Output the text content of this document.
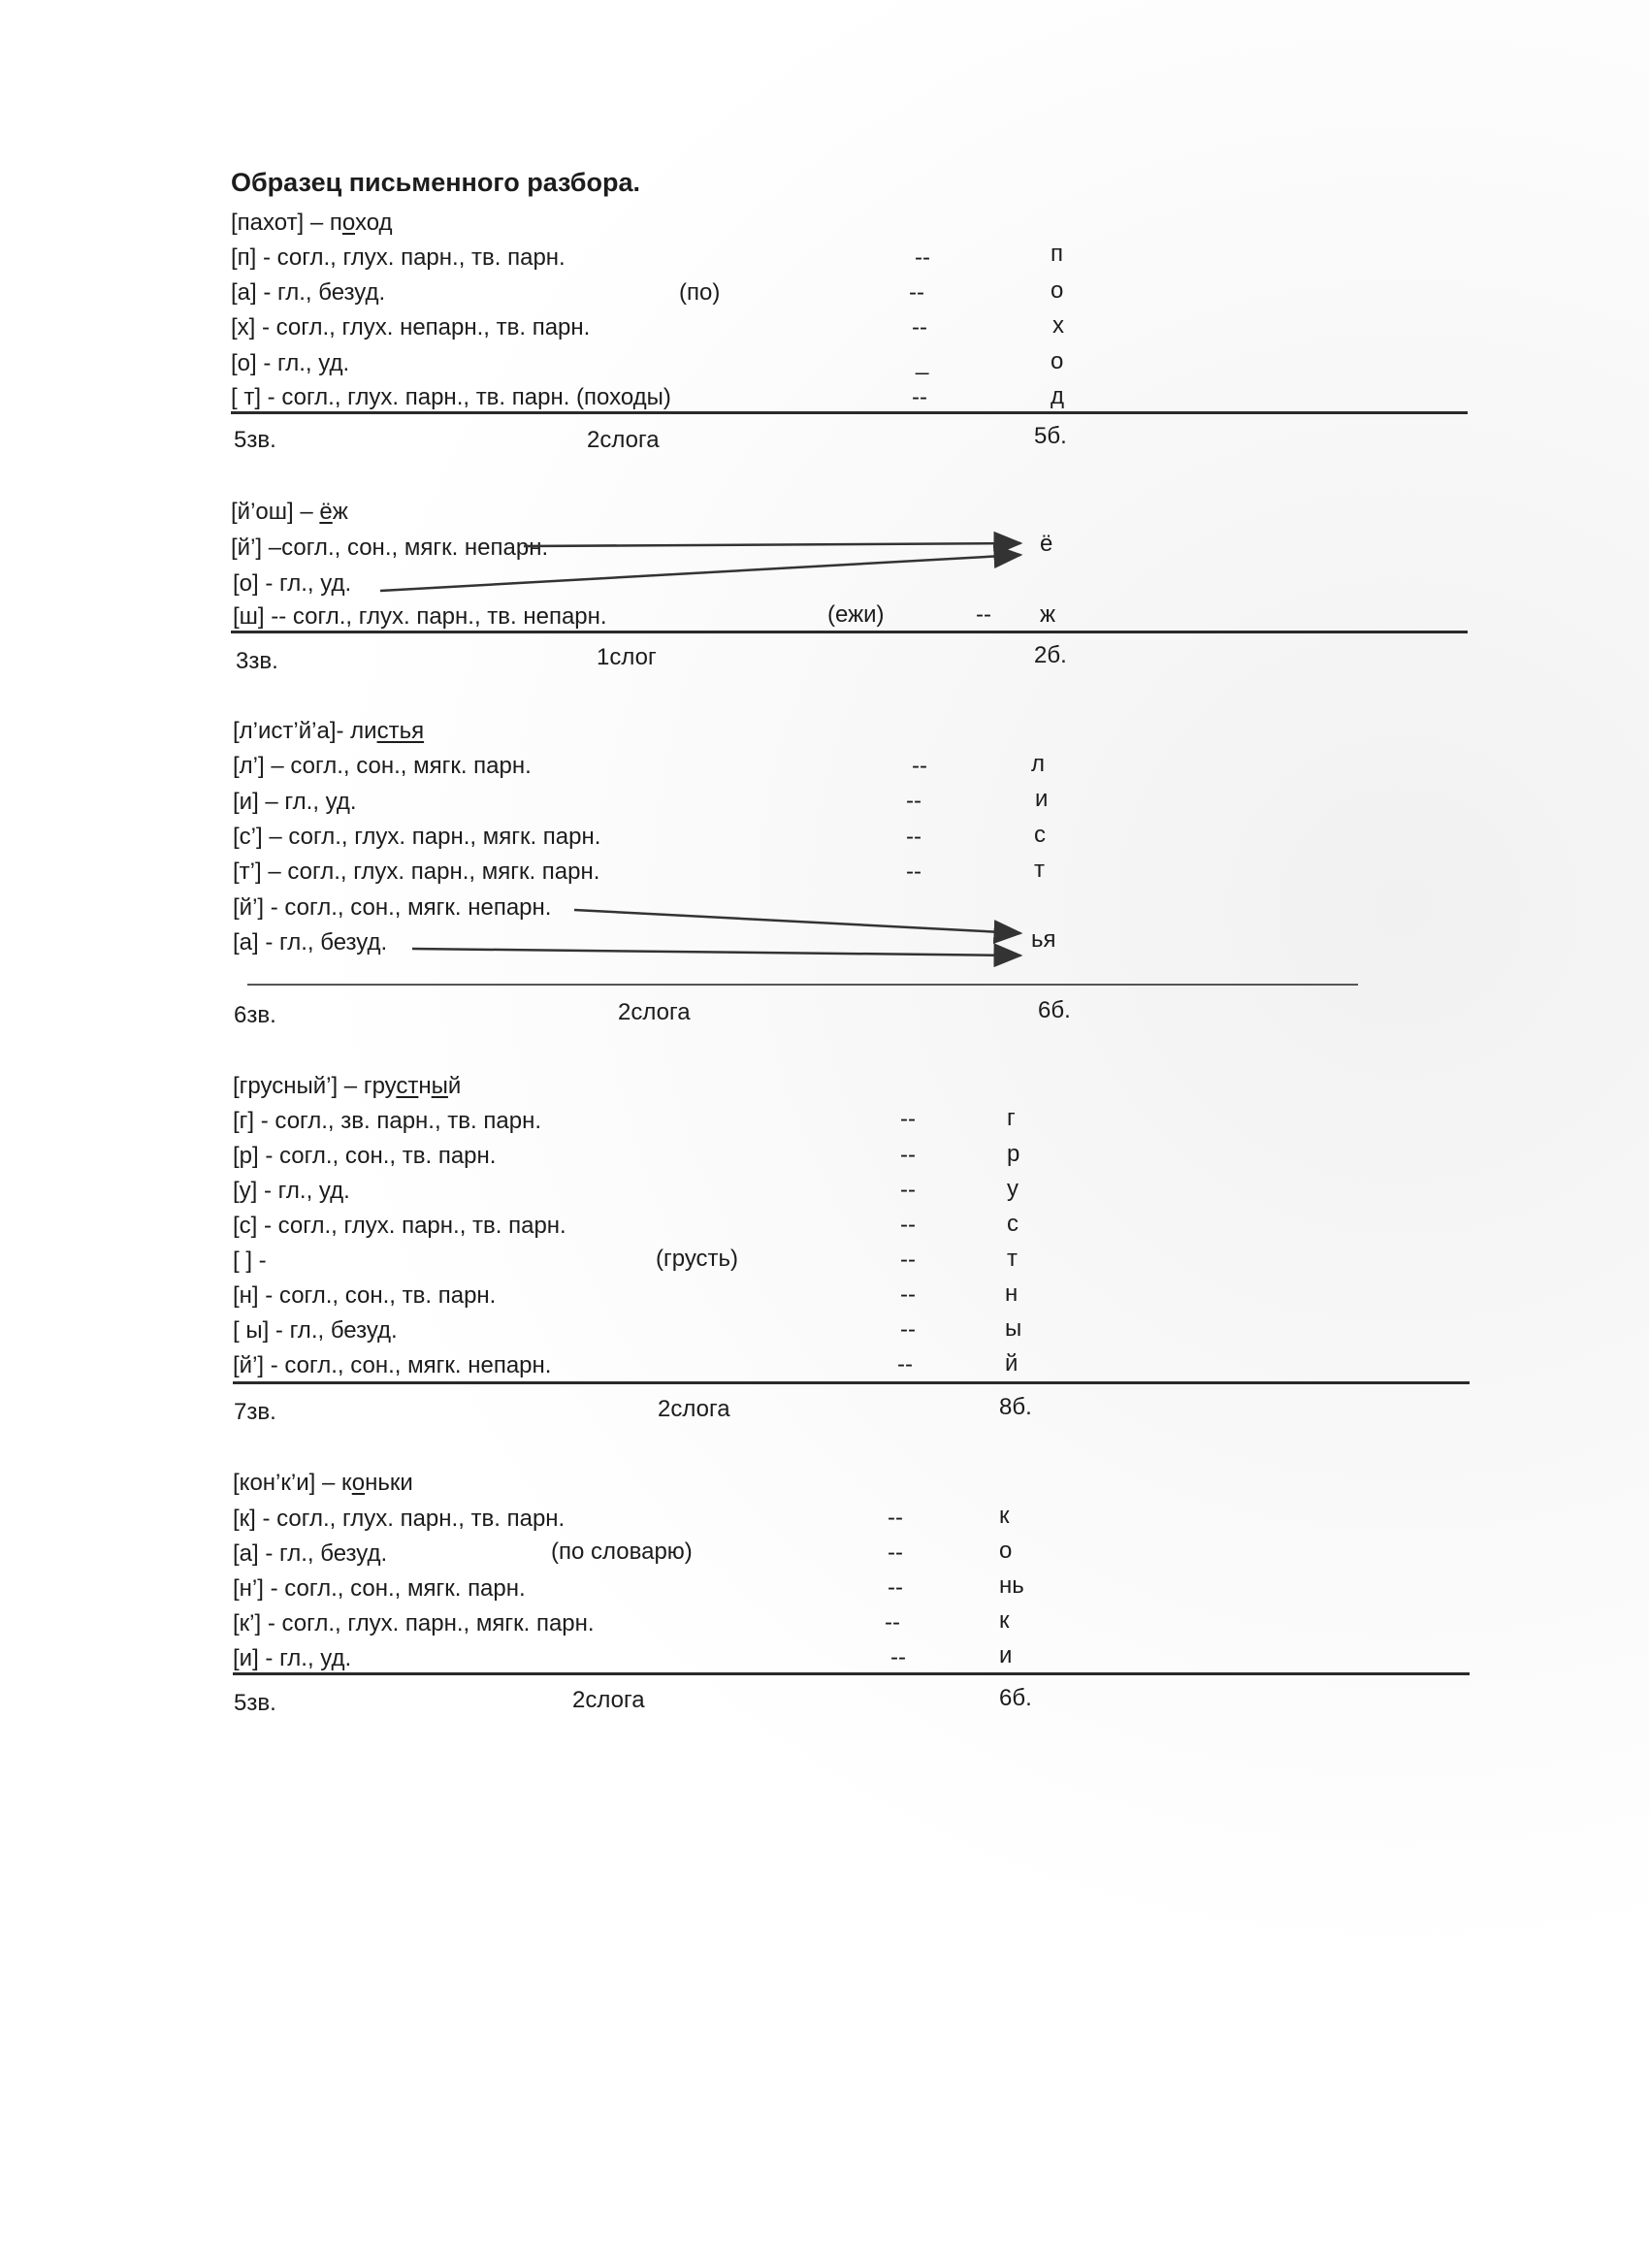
Образец письменного разбора.
[пахот] – поход
[п] - согл., глух. парн., тв. парн.	--	п
[а] - гл., безуд.	(по)	--	о
[х] - согл., глух. непарн., тв. парн.	--	х
[о] - гл., уд.	_	о
[ т] - согл., глух. парн., тв. парн. (походы)	--	д
5зв.	2слога	5б.
[й’ош] – ёж
[й’] –согл., сон., мягк. непарн.	ё
[о] - гл., уд.
[ш] -- согл., глух. парн., тв. непарн.	(ежи)	-- ж
3зв.	1слог	2б.
[л’ист’й’а]- листья
[л’] – согл., сон., мягк. парн.	--	л
[и] – гл., уд.	--	и
[с’] – согл., глух. парн., мягк. парн.	--	с
[т’] – согл., глух. парн., мягк. парн.	--	т
[й’] - согл., сон., мягк. непарн.
[а] - гл., безуд.	ья
6зв.	2слога	6б.
[грусный’] – грустный
[г] - согл., зв. парн., тв. парн.	--	г
[р] - согл., сон., тв. парн.	--	р
[у] - гл., уд.	--	у
[с] - согл., глух. парн., тв. парн.	--	с
[ ] -	(грусть)	--	т
[н] - согл., сон., тв. парн.	--	н
[ ы] - гл., безуд.	--	ы
[й’] - согл., сон., мягк. непарн.	--	й
7зв.	2слога	8б.
[кон’к’и] – коньки
[к] - согл., глух. парн., тв. парн.	--	к
[а] - гл., безуд.	(по словарю)	--	о
[н’] - согл., сон., мягк. парн.	--	нь
[к’] - согл., глух. парн., мягк. парн.	--	к
[и] - гл., уд.	--	и
5зв.	2слога	6б.
